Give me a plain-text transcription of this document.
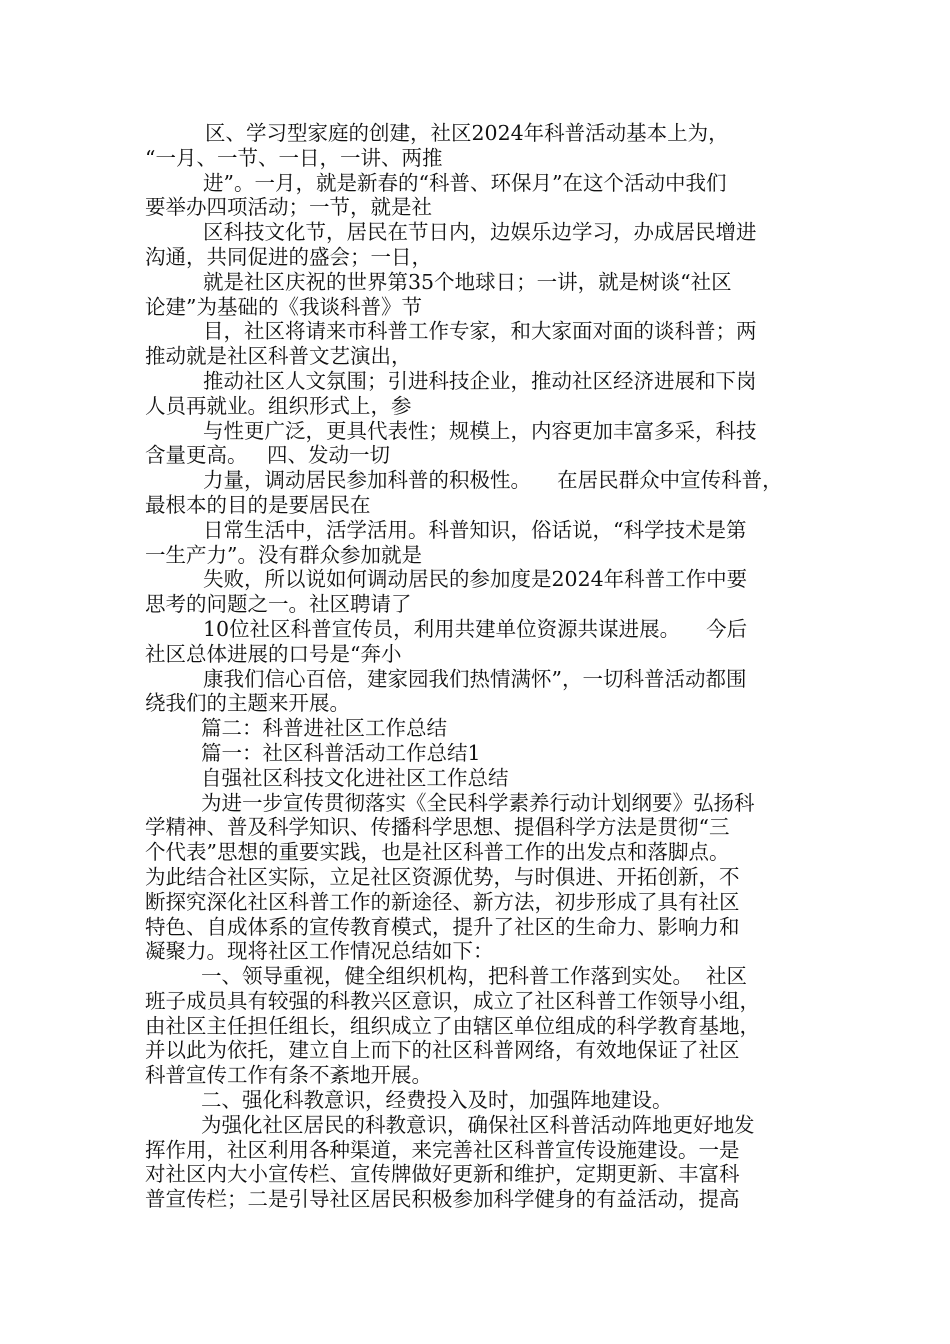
区、学习型家庭的创建，社区2024年科普活动基本上为，
“一月、一节、一日，一讲、两推
进”。一月，就是新春的“科普、环保月”在这个活动中我们
要举办四项活动；一节，就是社
区科技文化节，居民在节日内，边娱乐边学习，办成居民增进
沟通，共同促进的盛会；一日，
就是社区庆祝的世界第35个地球日；一讲，就是树谈“社区
论建”为基础的《我谈科普》节
目，社区将请来市科普工作专家，和大家面对面的谈科普；两
推动就是社区科普文艺演出，
推动社区人文氛围；引进科技企业，推动社区经济进展和下岗
人员再就业。组织形式上，参
与性更广泛，更具代表性；规模上，内容更加丰富多采，科技
含量更高。   四、发动一切
力量，调动居民参加科普的积极性。    在居民群众中宣传科普，
最根本的目的是要居民在
日常生活中，活学活用。科普知识，俗话说，“科学技术是第
一生产力”。没有群众参加就是
失败，所以说如何调动居民的参加度是2024年科普工作中要
思考的问题之一。社区聘请了
10位社区科普宣传员，利用共建单位资源共谋进展。    今后
社区总体进展的口号是“奔小
康我们信心百倍，建家园我们热情满怀”，一切科普活动都围
绕我们的主题来开展。
篇二：科普进社区工作总结
篇一：社区科普活动工作总结1
自强社区科技文化进社区工作总结
为进一步宣传贯彻落实《全民科学素养行动计划纲要》弘扬科
学精神、普及科学知识、传播科学思想、提倡科学方法是贯彻“三
个代表”思想的重要实践，也是社区科普工作的出发点和落脚点。
为此结合社区实际，立足社区资源优势，与时俱进、开拓创新，不
断探究深化社区科普工作的新途径、新方法，初步形成了具有社区
特色、自成体系的宣传教育模式，提升了社区的生命力、影响力和
凝聚力。现将社区工作情况总结如下：
一、领导重视，健全组织机构，把科普工作落到实处。  社区
班子成员具有较强的科教兴区意识，成立了社区科普工作领导小组，
由社区主任担任组长，组织成立了由辖区单位组成的科学教育基地，
并以此为依托，建立自上而下的社区科普网络，有效地保证了社区
科普宣传工作有条不紊地开展。
二、强化科教意识，经费投入及时，加强阵地建设。
为强化社区居民的科教意识，确保社区科普活动阵地更好地发
挥作用，社区利用各种渠道，来完善社区科普宣传设施建设。一是
对社区内大小宣传栏、宣传牌做好更新和维护，定期更新、丰富科
普宣传栏；二是引导社区居民积极参加科学健身的有益活动，提高
